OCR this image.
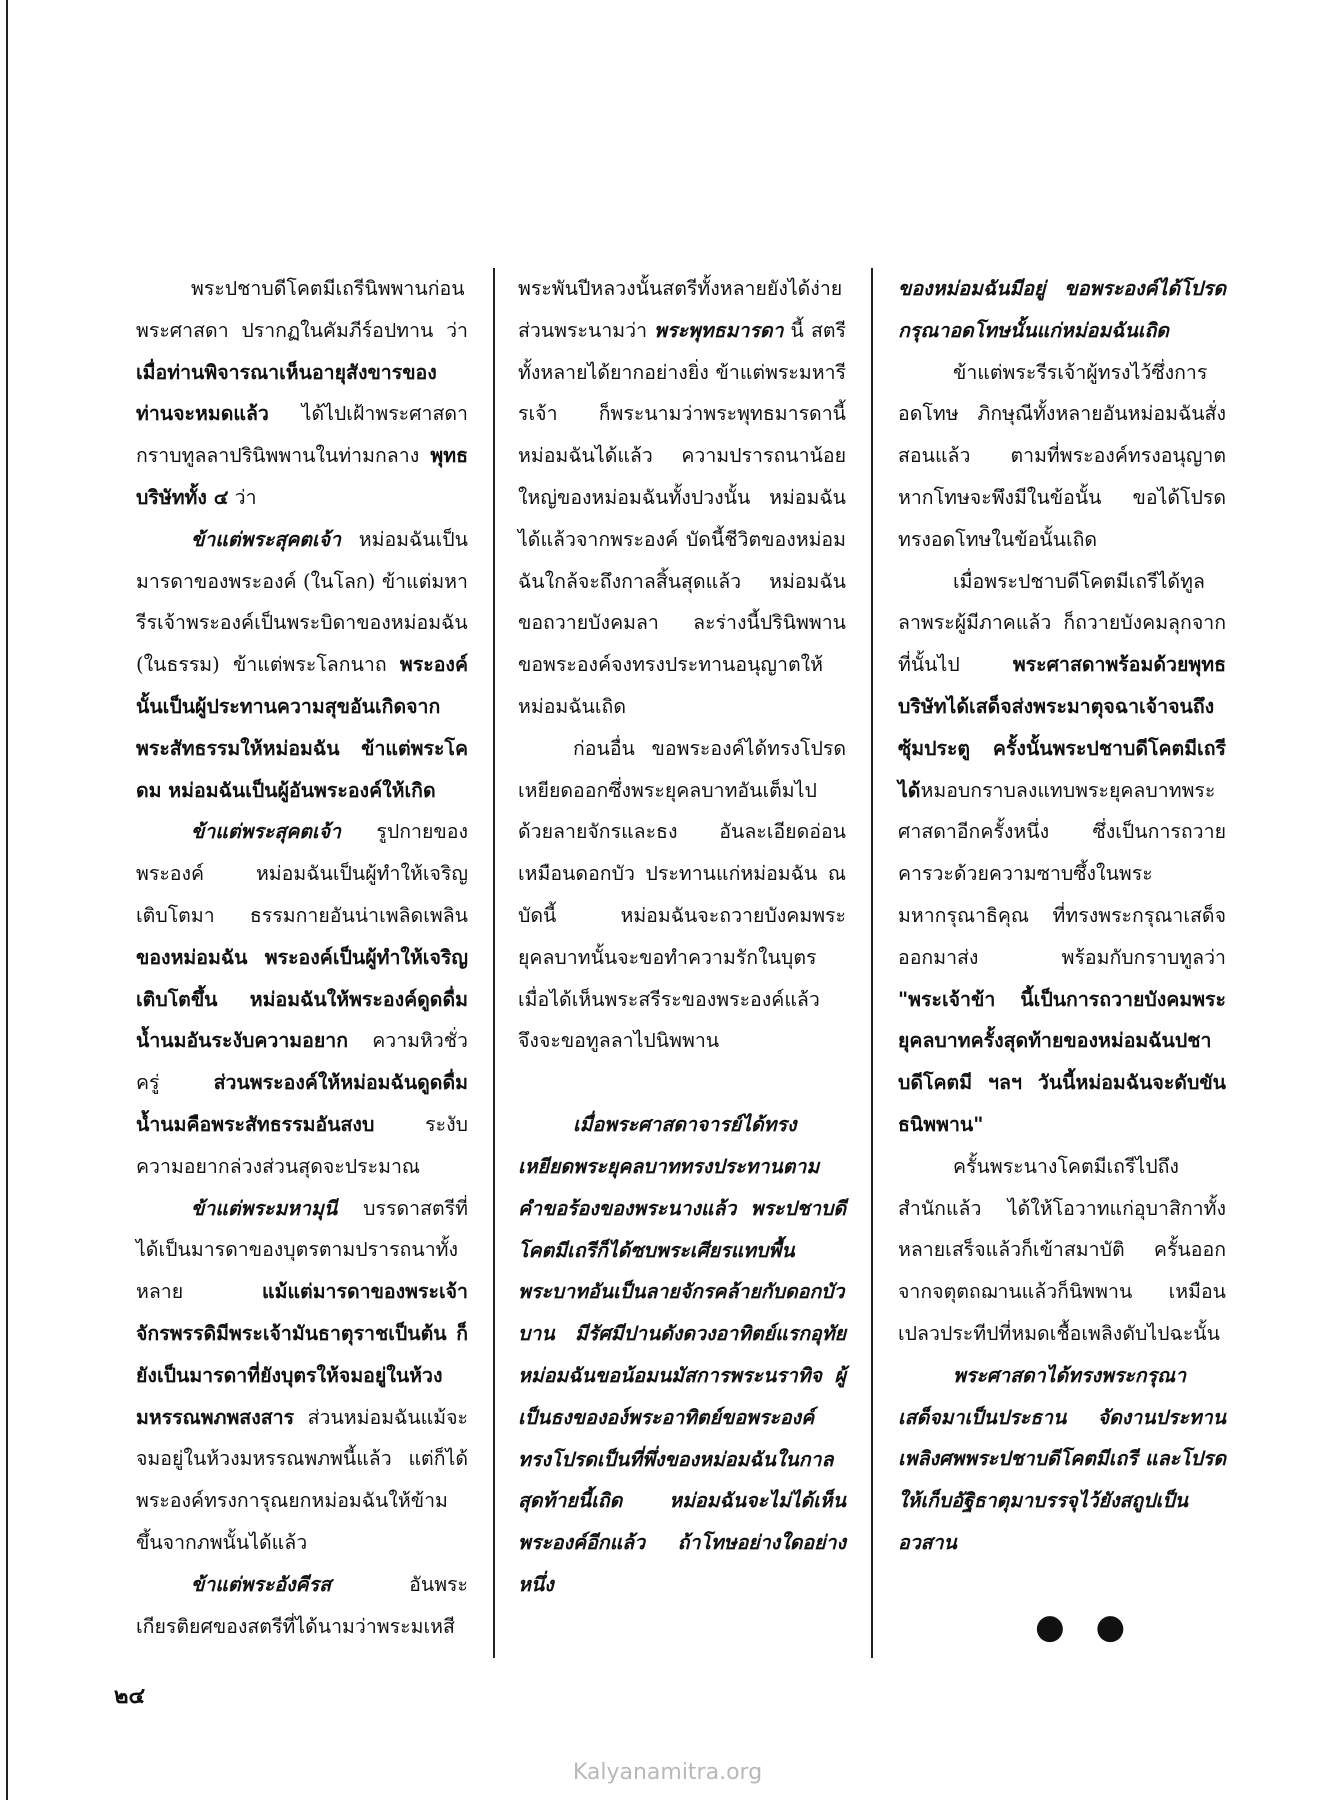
พระปชาบดีโคตมีเถรีนิพพานก่อน พระศาสดา ปรากฏในคัมภีร์อปทาน ว่า เมื่อท่านพิจารณาเห็นอายุสังขารของท่านจะหมดแล้ว ได้ไปเฝ้าพระศาสดากราบทูลลาปรินิพพานในท่ามกลาง พุทธบริษัททั้ง ๔ ว่า

ข้าแต่พระสุคตเจ้า หม่อมฉันเป็นมารดาของพระองค์ (ในโลก) ข้าแต่มหารีรเจ้าพระองค์เป็นพระบิดาของหม่อมฉัน (ในธรรม) ข้าแต่พระโลกนาถ พระองค์นั้นเป็นผู้ประทานความสุขอันเกิดจากพระสัทธรรมให้หม่อมฉัน ข้าแต่พระโคดม หม่อมฉันเป็นผู้อันพระองค์ให้เกิด

ข้าแต่พระสุคตเจ้า รูปกายของพระองค์ หม่อมฉันเป็นผู้ทำให้เจริญเติบโตมา ธรรมกายอันน่าเพลิดเพลิน ของหม่อมฉัน พระองค์เป็นผู้ทำให้เจริญเติบโตขึ้น หม่อมฉันให้พระองค์ดูดดื่มน้ำนมอันระงับความอยาก ความหิวชั่วครู่ ส่วนพระองค์ให้หม่อมฉันดูดดื่มน้ำนมคือพระสัทธรรมอันสงบ ระงับความอยากล่วงส่วนสุดจะประมาณ

ข้าแต่พระมหามุนี บรรดาสตรีที่ได้เป็นมารดาของบุตรตามปรารถนาทั้งหลาย แม้แต่มารดาของพระเจ้าจักรพรรดิมีพระเจ้ามันธาตุราชเป็นต้น ก็ยังเป็นมารดาที่ยังบุตรให้จมอยู่ในห้วงมหรรณพภพสงสาร ส่วนหม่อมฉันแม้จะจมอยู่ในห้วงมหรรณพภพนี้แล้ว แต่ก็ได้พระองค์ทรงการุณยกหม่อมฉันให้ข้ามขึ้นจากภพนั้นได้แล้ว

ข้าแต่พระอังคีรส อันพระเกียรติยศของสตรีที่ได้นามว่าพระมเหสี

พระพันปีหลวงนั้นสตรีทั้งหลายยังได้ง่าย ส่วนพระนามว่า พระพุทธมารดา นี้ สตรีทั้งหลายได้ยากอย่างยิ่ง ข้าแต่พระมหารีรเจ้า ก็พระนามว่าพระพุทธมารดานี้ หม่อมฉันได้แล้ว ความปรารถนาน้อยใหญ่ของหม่อมฉันทั้งปวงนั้น หม่อมฉันได้แล้วจากพระองค์ บัดนี้ชีวิตของหม่อมฉันใกล้จะถึงกาลสิ้นสุดแล้ว หม่อมฉันขอถวายบังคมลา ละร่างนี้ปรินิพพาน ขอพระองค์จงทรงประทานอนุญาตให้หม่อมฉันเถิด

ก่อนอื่น ขอพระองค์ได้ทรงโปรดเหยียดออกซึ่งพระยุคลบาทอันเต็มไปด้วยลายจักรและธง อันละเอียดอ่อนเหมือนดอกบัว ประทานแก่หม่อมฉัน ณ บัดนี้ หม่อมฉันจะถวายบังคมพระยุคลบาทนั้นจะขอทำความรักในบุตร เมื่อได้เห็นพระสรีระของพระองค์แล้ว จึงจะขอทูลลาไปนิพพาน

เมื่อพระศาสดาจารย์ได้ทรงเหยียดพระยุคลบาททรงประทานตามคำขอร้องของพระนางแล้ว พระปชาบดีโคตมีเถรีก็ได้ซบพระเศียรแทบพื้นพระบาทอันเป็นลายจักรคล้ายกับดอกบัวบาน มีรัศมีปานดังดวงอาทิตย์แรกอุทัย หม่อมฉันขอน้อมนมัสการพระนราทิจ ผู้เป็นธงขององ์พระอาทิตย์ขอพระองค์ทรงโปรดเป็นที่พึ่งของหม่อมฉันในกาลสุดท้ายนี้เถิด หม่อมฉันจะไม่ได้เห็นพระองค์อีกแล้ว ถ้าโทษอย่างใดอย่างหนึ่ง

ของหม่อมฉันมีอยู่ ขอพระองค์ได้โปรดกรุณาอดโทษนั้นแก่หม่อมฉันเถิด

ข้าแต่พระรีรเจ้าผู้ทรงไว้ซึ่งการอดโทษ ภิกษุณีทั้งหลายอันหม่อมฉันสั่งสอนแล้ว ตามที่พระองค์ทรงอนุญาต หากโทษจะพึงมีในข้อนั้น ขอได้โปรดทรงอดโทษในข้อนั้นเถิด

เมื่อพระปชาบดีโคตมีเถรีได้ทูลลาพระผู้มีภาคแล้ว ก็ถวายบังคมลุกจากที่นั้นไป พระศาสดาพร้อมด้วยพุทธบริษัทได้เสด็จส่งพระมาตุจฉาเจ้าจนถึงซุ้มประตู ครั้งนั้นพระปชาบดีโคตมีเถรีได้หมอบกราบลงแทบพระยุคลบาทพระศาสดาอีกครั้งหนึ่ง ซึ่งเป็นการถวายคารวะด้วยความซาบซึ้งในพระมหากรุณาธิคุณ ที่ทรงพระกรุณาเสด็จออกมาส่ง พร้อมกับกราบทูลว่า "พระเจ้าข้า นี้เป็นการถวายบังคมพระยุคลบาทครั้งสุดท้ายของหม่อมฉันปชาบดีโคตมี ฯลฯ วันนี้หม่อมฉันจะดับขันธนิพพาน"

ครั้นพระนางโคตมีเถรีไปถึงสำนักแล้ว ได้ให้โอวาทแก่อุบาสิกาทั้งหลายเสร็จแล้วก็เข้าสมาบัติ ครั้นออกจากจตุตถฌานแล้วก็นิพพาน เหมือนเปลวประทีปที่หมดเชื้อเพลิงดับไปฉะนั้น

พระศาสดาได้ทรงพระกรุณาเสด็จมาเป็นประธาน จัดงานประทานเพลิงศพพระปชาบดีโคตมีเถรี และโปรดให้เก็บอัฐิธาตุมาบรรจุไว้ยังสถูปเป็นอวสาน

● ●
๒๔
Kalyanamitra.org
